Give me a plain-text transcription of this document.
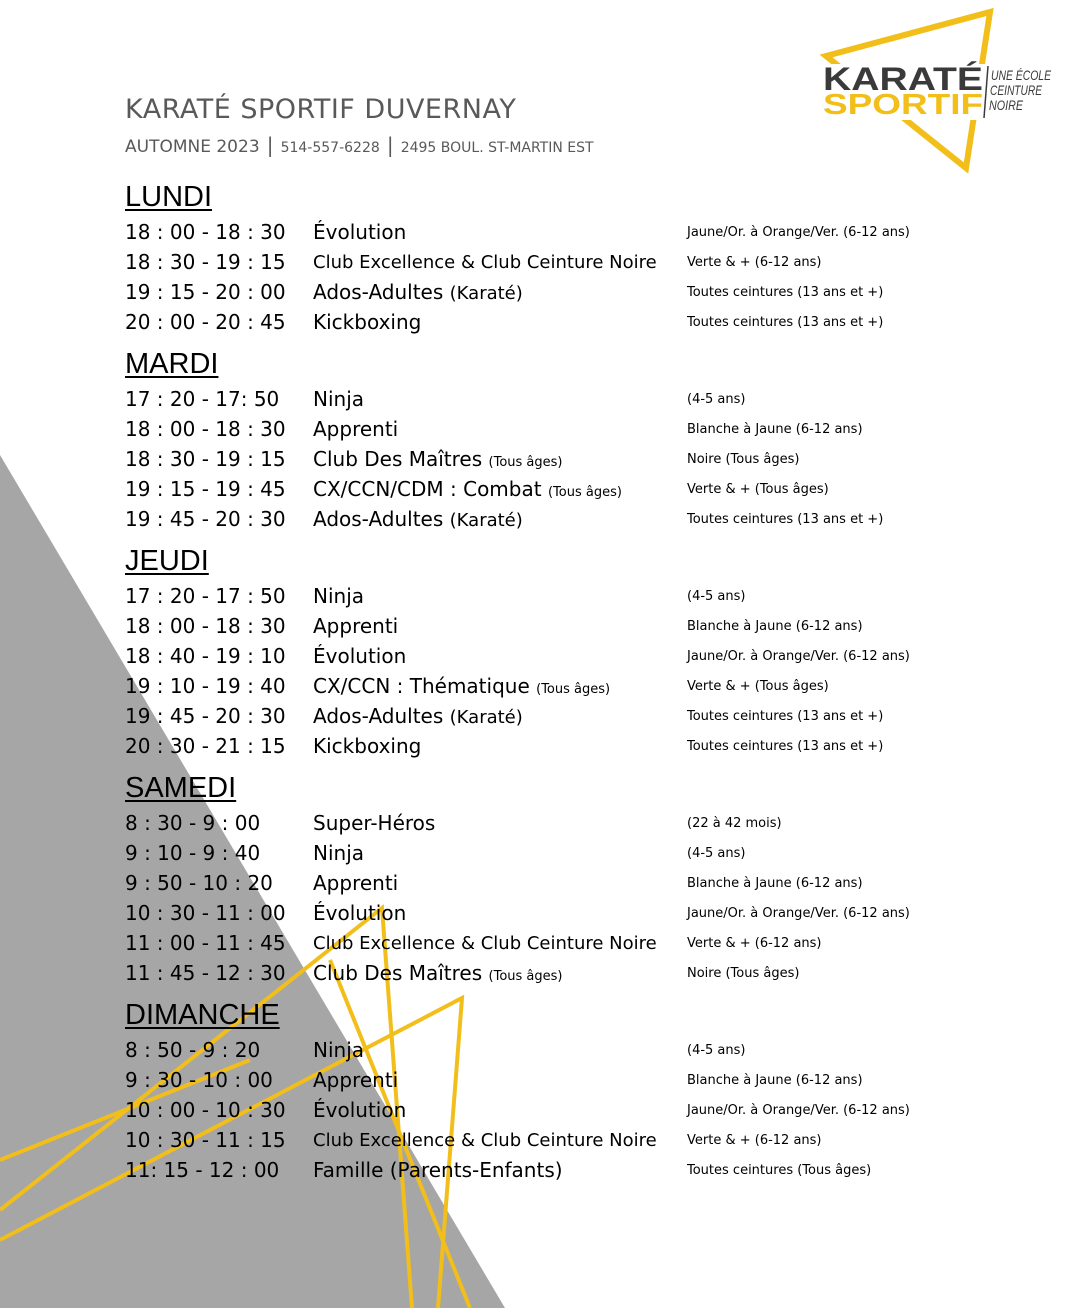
KARATÉ
SPORTIF
UNE ÉCOLE
CEINTURE
NOIRE
KARATÉ SPORTIF DUVERNAY
AUTOMNE 2023 | 514-557-6228 | 2495 BOUL. ST-MARTIN EST
LUNDI
18 : 00 - 18 : 30	Évolution	Jaune/Or. à Orange/Ver. (6-12 ans)
18 : 30 - 19 : 15	Club Excellence & Club Ceinture Noire	Verte & + (6-12 ans)
19 : 15 - 20 : 00	Ados-Adultes (Karaté)	Toutes ceintures (13 ans et +)
20 : 00 - 20 : 45	Kickboxing	Toutes ceintures (13 ans et +)
MARDI
17 : 20 - 17: 50	Ninja	(4-5 ans)
18 : 00 - 18 : 30	Apprenti	Blanche à Jaune (6-12 ans)
18 : 30 - 19 : 15	Club Des Maîtres (Tous âges)	Noire (Tous âges)
19 : 15 - 19 : 45	CX/CCN/CDM : Combat (Tous âges)	Verte & + (Tous âges)
19 : 45 - 20 : 30	Ados-Adultes (Karaté)	Toutes ceintures (13 ans et +)
JEUDI
17 : 20 - 17 : 50	Ninja	(4-5 ans)
18 : 00 - 18 : 30	Apprenti	Blanche à Jaune (6-12 ans)
18 : 40 - 19 : 10	Évolution	Jaune/Or. à Orange/Ver. (6-12 ans)
19 : 10 - 19 : 40	CX/CCN : Thématique (Tous âges)	Verte & + (Tous âges)
19 : 45 - 20 : 30	Ados-Adultes (Karaté)	Toutes ceintures (13 ans et +)
20 : 30 - 21 : 15	Kickboxing	Toutes ceintures (13 ans et +)
SAMEDI
8 : 30 - 9 : 00	Super-Héros	(22 à 42 mois)
9 : 10 - 9 : 40	Ninja	(4-5 ans)
9 : 50 - 10 : 20	Apprenti	Blanche à Jaune (6-12 ans)
10 : 30 - 11 : 00	Évolution	Jaune/Or. à Orange/Ver. (6-12 ans)
11 : 00 - 11 : 45	Club Excellence & Club Ceinture Noire	Verte & + (6-12 ans)
11 : 45 - 12 : 30	Club Des Maîtres (Tous âges)	Noire (Tous âges)
DIMANCHE
8 : 50 - 9 : 20	Ninja	(4-5 ans)
9 : 30 - 10 : 00	Apprenti	Blanche à Jaune (6-12 ans)
10 : 00 - 10 : 30	Évolution	Jaune/Or. à Orange/Ver. (6-12 ans)
10 : 30 - 11 : 15	Club Excellence & Club Ceinture Noire	Verte & + (6-12 ans)
11: 15 - 12 : 00	Famille (Parents-Enfants)	Toutes ceintures (Tous âges)
